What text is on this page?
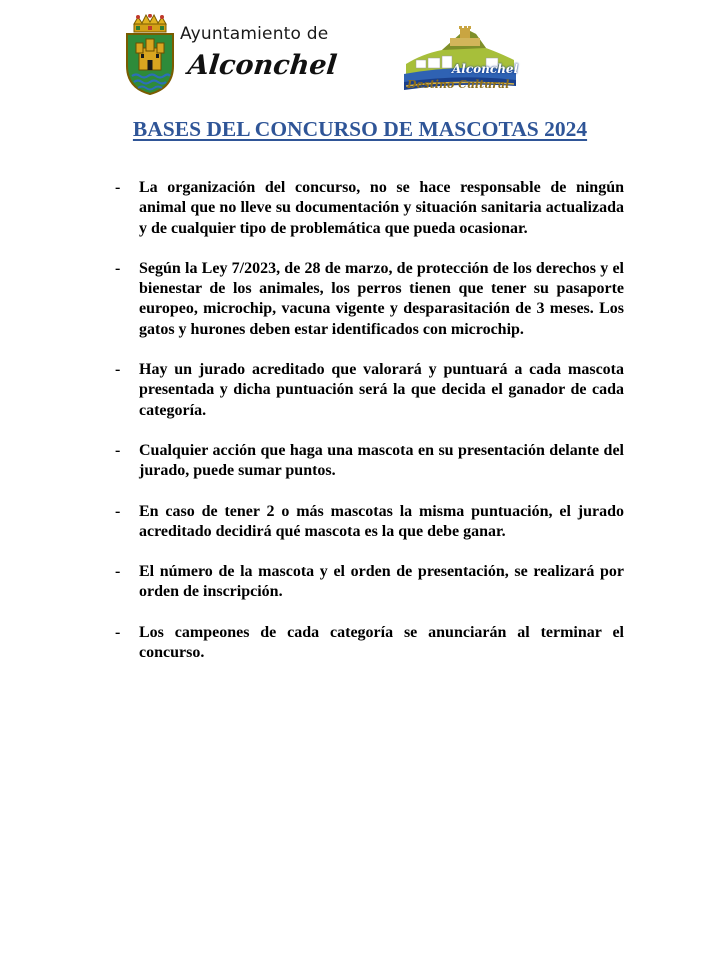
Ayuntamiento de
Alconchel	Alconchel
Destino Cultural
BASES DEL CONCURSO DE MASCOTAS 2024
- La organización del concurso, no se hace responsable de ningún animal que no lleve su documentación y situación sanitaria actualizada y de cualquier tipo de problemática que pueda ocasionar.
- Según la Ley 7/2023, de 28 de marzo, de protección de los derechos y el bienestar de los animales, los perros tienen que tener su pasaporte europeo, microchip, vacuna vigente y desparasitación de 3 meses. Los gatos y hurones deben estar identificados con microchip.
- Hay un jurado acreditado que valorará y puntuará a cada mascota presentada y dicha puntuación será la que decida el ganador de cada categoría.
- Cualquier acción que haga una mascota en su presentación delante del jurado, puede sumar puntos.
- En caso de tener 2 o más mascotas la misma puntuación, el jurado acreditado decidirá qué mascota es la que debe ganar.
- El número de la mascota y el orden de presentación, se realizará por orden de inscripción.
- Los campeones de cada categoría se anunciarán al terminar el concurso.
